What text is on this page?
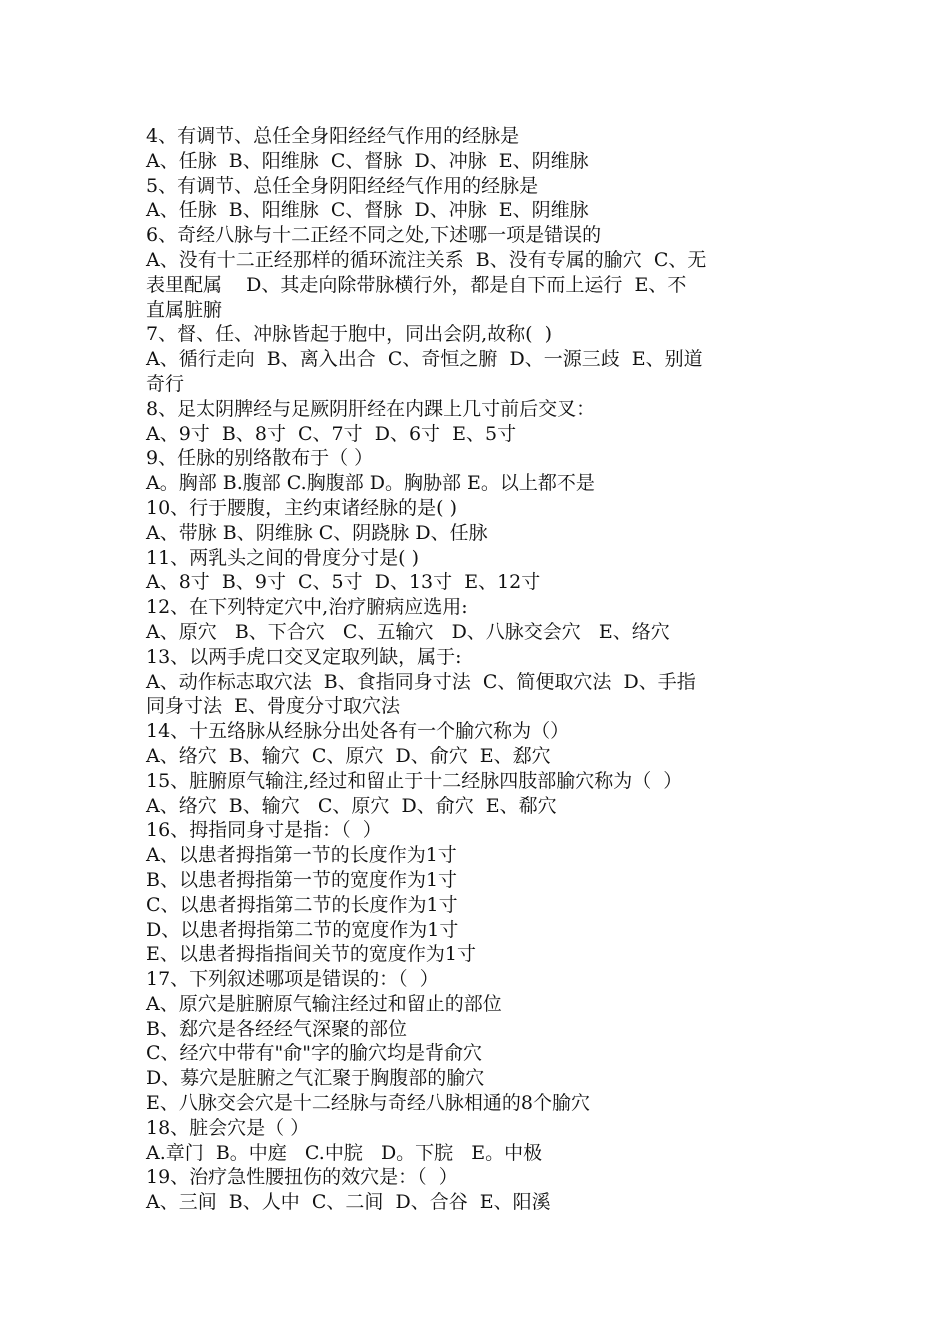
4、有调节、总任全身阳经经气作用的经脉是
A、任脉  B、阳维脉  C、督脉  D、冲脉  E、阴维脉
5、有调节、总任全身阴阳经经气作用的经脉是
A、任脉  B、阳维脉  C、督脉  D、冲脉  E、阴维脉
6、奇经八脉与十二正经不同之处,下述哪一项是错误的
A、没有十二正经那样的循环流注关系  B、没有专属的腧穴  C、无
表里配属    D、其走向除带脉横行外，都是自下而上运行  E、不
直属脏腑
7、督、任、冲脉皆起于胞中，同出会阴,故称(  )
A、循行走向  B、离入出合  C、奇恒之腑  D、一源三歧  E、别道
奇行
8、足太阴脾经与足厥阴肝经在内踝上几寸前后交叉：
A、9寸  B、8寸  C、7寸  D、6寸  E、5寸
9、任脉的别络散布于（ ）
A。胸部 B.腹部 C.胸腹部 D。胸胁部 E。以上都不是
10、行于腰腹，主约束诸经脉的是( )
A、带脉 B、阴维脉 C、阴跷脉 D、任脉
11、两乳头之间的骨度分寸是( )
A、8寸  B、9寸  C、5寸  D、13寸  E、12寸
12、在下列特定穴中,治疗腑病应选用:
A、原穴   B、下合穴   C、五输穴   D、八脉交会穴   E、络穴
13、以两手虎口交叉定取列缺，属于:
A、动作标志取穴法  B、食指同身寸法  C、简便取穴法  D、手指
同身寸法  E、骨度分寸取穴法
14、十五络脉从经脉分出处各有一个腧穴称为（）
A、络穴  B、输穴  C、原穴  D、俞穴  E、郄穴
15、脏腑原气输注,经过和留止于十二经脉四肢部腧穴称为（  ）
A、络穴  B、输穴   C、原穴  D、俞穴  E、郗穴
16、拇指同身寸是指：（  ）
A、以患者拇指第一节的长度作为1寸
B、以患者拇指第一节的宽度作为1寸
C、以患者拇指第二节的长度作为1寸
D、以患者拇指第二节的宽度作为1寸
E、以患者拇指指间关节的宽度作为1寸
17、下列叙述哪项是错误的：（  ）
A、原穴是脏腑原气输注经过和留止的部位
B、郄穴是各经经气深聚的部位
C、经穴中带有"俞"字的腧穴均是背俞穴
D、募穴是脏腑之气汇聚于胸腹部的腧穴
E、八脉交会穴是十二经脉与奇经八脉相通的8个腧穴
18、脏会穴是（ ）
A.章门  B。中庭   C.中脘   D。下脘   E。中极
19、治疗急性腰扭伤的效穴是：（  ）
A、三间  B、人中  C、二间  D、合谷  E、阳溪
